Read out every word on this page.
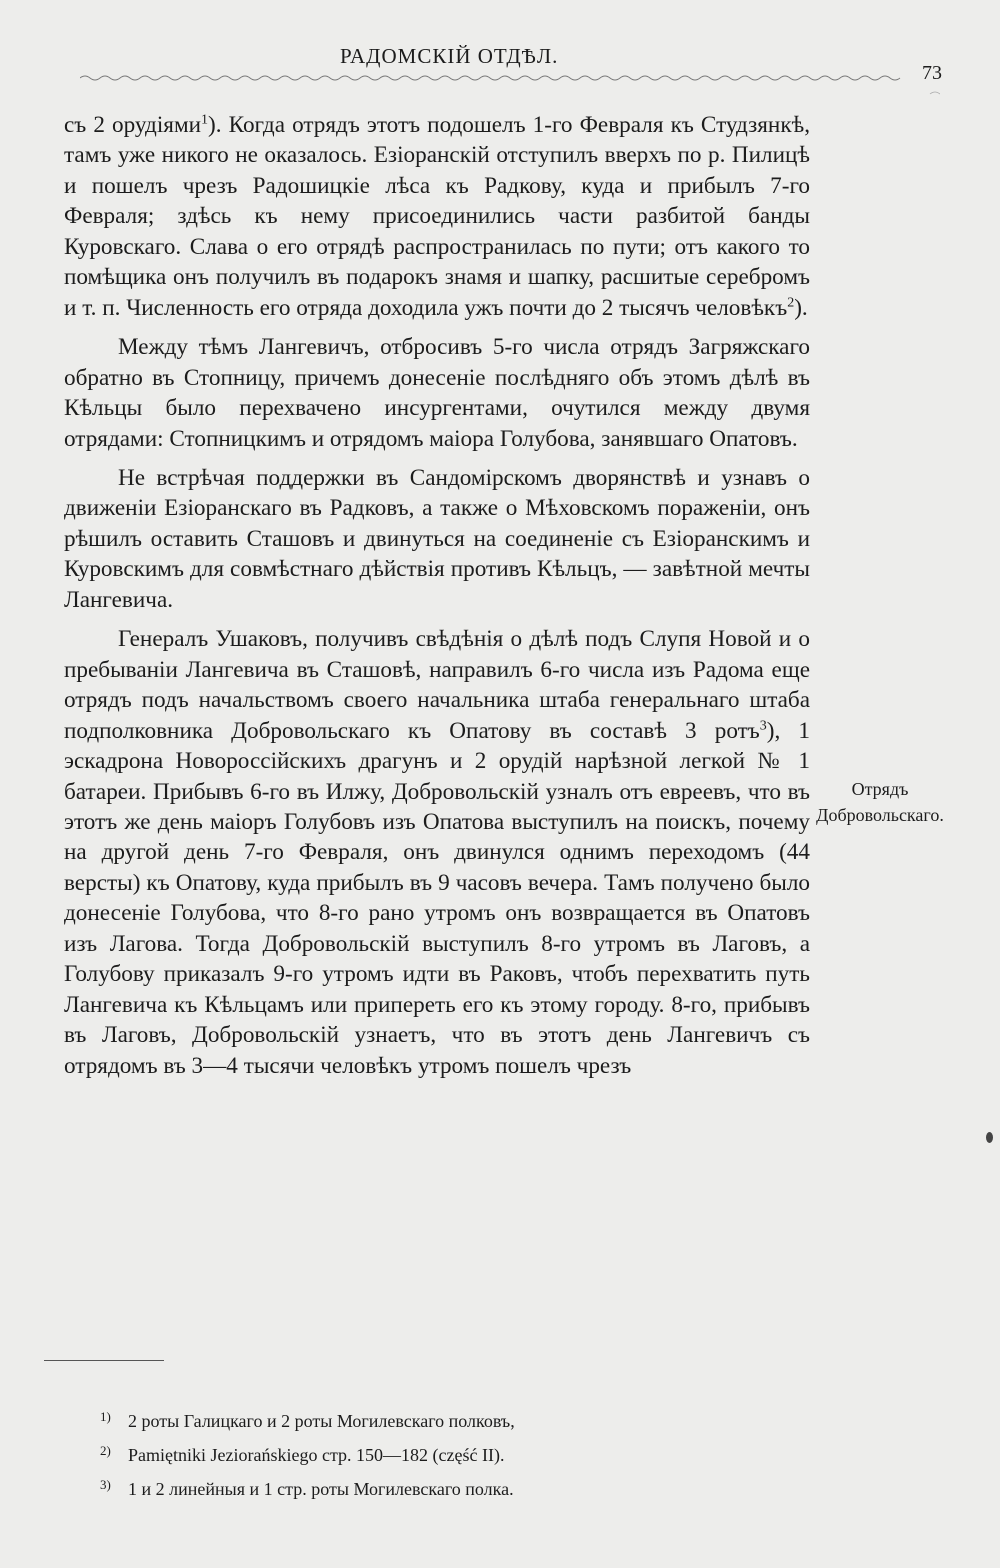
РАДОМСКІЙ ОТДѢЛ.
73

съ 2 орудіями$^1$). Когда отрядъ этотъ подошелъ 1-го Февраля къ Студзянкѣ, тамъ уже никого не оказалось. Езіоранскій отступилъ вверхъ по р. Пилицѣ и пошелъ чрезъ Радошицкіе лѣса къ Радкову, куда и прибылъ 7-го Февраля; здѣсь къ нему присоединились части разбитой банды Куровскаго. Слава о его отрядѣ распространилась по пути; отъ какого то помѣщика онъ получилъ въ подарокъ знамя и шапку, расшитые серебромъ и т. п. Численность его отряда доходила ужъ почти до 2 тысячъ человѣкъ$^2$).

Между тѣмъ Лангевичъ, отбросивъ 5-го числа отрядъ Загряжскаго обратно въ Стопницу, причемъ донесеніе послѣдняго объ этомъ дѣлѣ въ Кѣльцы было перехвачено инсургентами, очутился между двумя отрядами: Стопницкимъ и отрядомъ маіора Голубова, занявшаго Опатовъ.

Не встрѣчая поддержки въ Сандомірскомъ дворянствѣ и узнавъ о движеніи Езіоранскаго въ Радковъ, а также о Мѣховскомъ пораженіи, онъ рѣшилъ оставить Сташовъ и двинуться на соединеніе съ Езіоранскимъ и Куровскимъ для совмѣстнаго дѣйствія противъ Кѣльцъ, — завѣтной мечты Лангевича.

Генералъ Ушаковъ, получивъ свѣдѣнія о дѣлѣ подъ Слупя Новой и о пребываніи Лангевича въ Сташовѣ, направилъ 6-го числа изъ Радома еще отрядъ подъ начальствомъ своего начальника штаба генеральнаго штаба подполковника Добровольскаго къ Опатову въ составѣ 3 ротъ$^3$), 1 эскадрона Новороссійскихъ драгунъ и 2 орудій нарѣзной легкой № 1 батареи. Прибывъ 6-го въ Илжу, Добровольскій узналъ отъ евреевъ, что въ этотъ же день маіоръ Голубовъ изъ Опатова выступилъ на поискъ, почему на другой день 7-го Февраля, онъ двинулся однимъ переходомъ (44 версты) къ Опатову, куда прибылъ въ 9 часовъ вечера. Тамъ получено было донесеніе Голубова, что 8-го рано утромъ онъ возвращается въ Опатовъ изъ Лагова. Тогда Добровольскій выступилъ 8-го утромъ въ Лаговъ, а Голубову приказалъ 9-го утромъ идти въ Раковъ, чтобъ перехватить путь Лангевича къ Кѣльцамъ или припереть его къ этому городу. 8-го, прибывъ въ Лаговъ, Добровольскій узнаетъ, что въ этотъ день Лангевичъ съ отрядомъ въ 3—4 тысячи человѣкъ утромъ пошелъ чрезъ

Отрядъ Добровольскаго.
1) 2 роты Галицкаго и 2 роты Могилевскаго полковъ,
2) Pamiętniki Jeziorańskiego стр. 150—182 (część II).
3) 1 и 2 линейныя и 1 стр. роты Могилевскаго полка.
